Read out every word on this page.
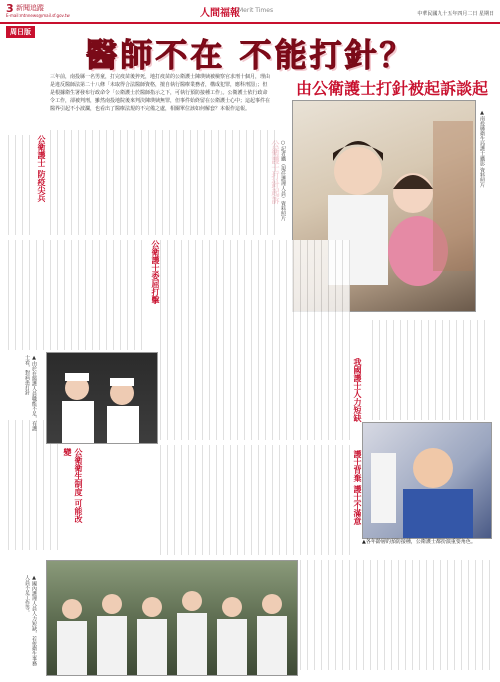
3 新聞追蹤
E-mail:mtnnews@mail.sf.gov.tw	人間福報
Merit Times	中華民國九十五年四月二日 星期日
周日版
醫師不在 不能打針？
由公衛護士打針被起訴談起
三年前，南投縣一名男童，打完疫苗後猝死，地打疫苗的公衛護士陳瑛姨被檢察官求刑十個月，理由是違反醫師法第二十八條「未取得合法醫師資格，擅自執行醫療業務者，構成犯罪，應科刑罰」；但是根據衛生署發布行政命令「公衛護士於醫師指示之下，可執行預防接種工作」。公衛護士依行政命令工作，卻被判刑，雖然南投地院後來判決陳瑛姨無罪，但事件始終留在公衛護士心中；這起事件在醫界引起不小波瀾，也看出了醫療法規的不完備之處，相關單位該如何解套？本報作這報。
▲南投縣衛生局護士攝影 資料照片
公衛護士 防疫尖兵
公衛護士委屈打擊
我國護士人力短缺
護士背棄 護士不滿意
公衛衛生制度 可能改變
○記者攝（現任護理人員）資料照片
▲由於在醫護人員職能不足，有護士看，對病患打針
▲各年齡層的預防接種，公衛護士都扮演重要角色。
▲國內護理人員人力短缺，若依衛生事務人員不足工作等。
